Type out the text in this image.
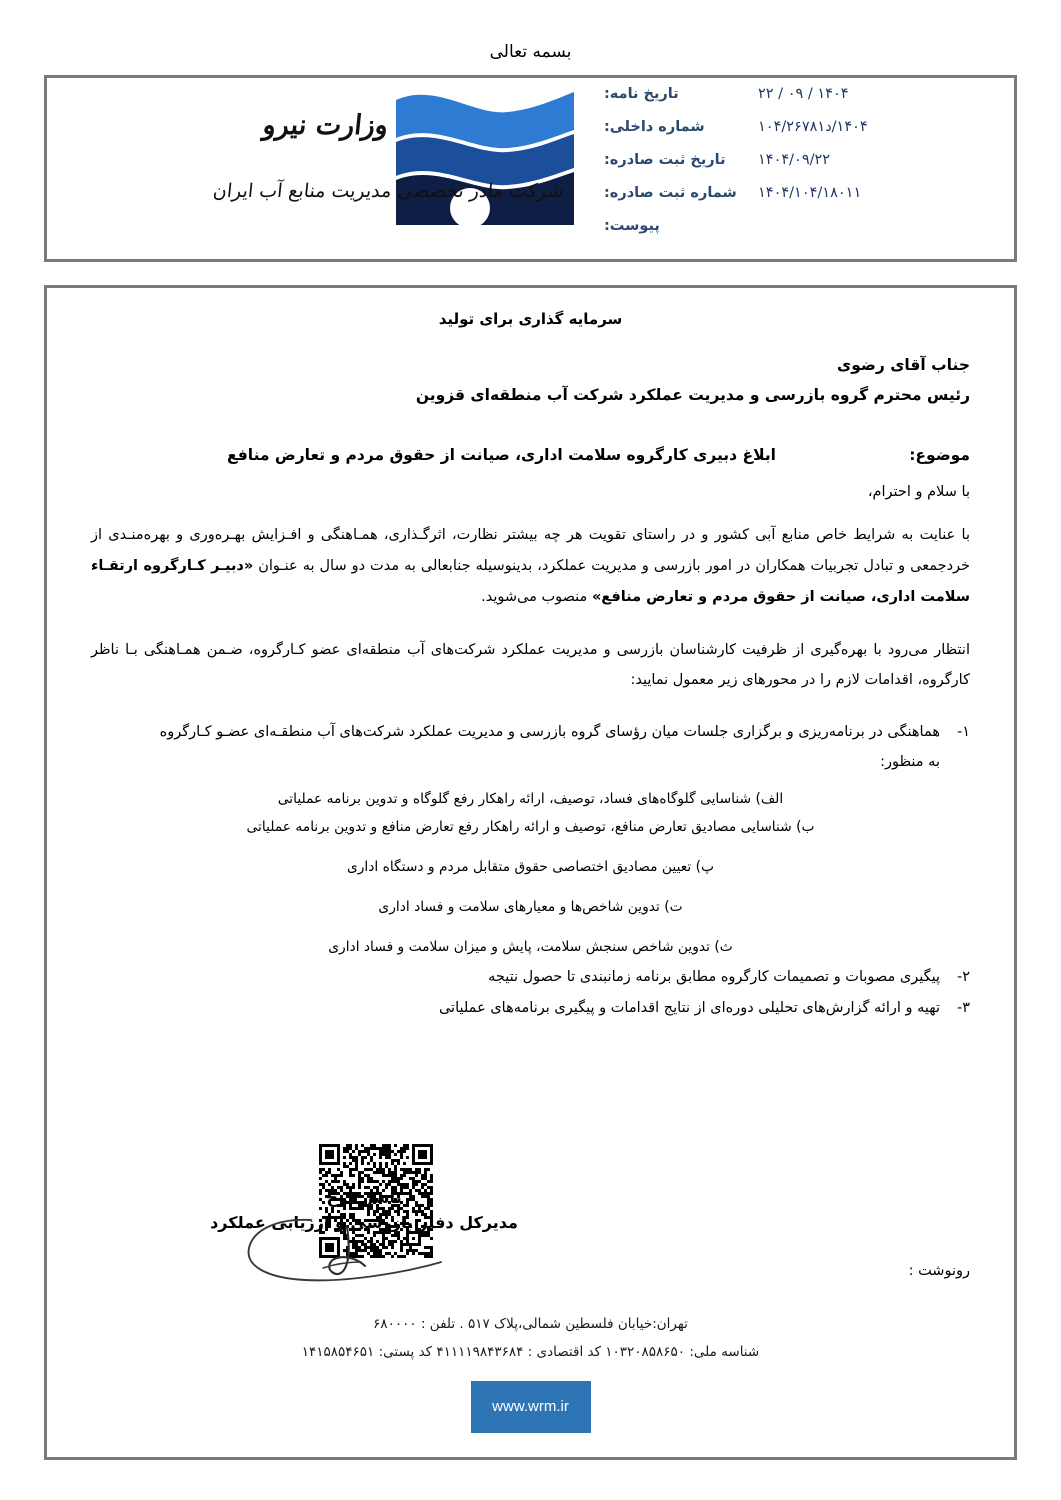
بسمه تعالی
۱۴۰۴ / ۰۹ / ۲۲
تاریخ نامه:
۱۴۰۴/د۱۰۴/۲۶۷۸۱
شماره داخلی:
۱۴۰۴/۰۹/۲۲
تاریخ ثبت صادره:
۱۴۰۴/۱۰۴/۱۸۰۱۱
شماره ثبت صادره:
پیوست:
وزارت نیرو
شرکت مادر تخصصی مدیریت منابع آب ایران
سرمایه گذاری برای تولید
جناب آقای رضوی
رئیس محترم گروه بازرسی و مدیریت عملکرد شرکت آب منطقه‌ای قزوین
موضوع:
ابلاغ دبیری کارگروه سلامت اداری، صیانت از حقوق مردم و تعارض منافع
با سلام و احترام،
با عنایت به شرایط خاص منابع آبی کشور و در راستای تقویت هر چه بیشتر نظارت، اثرگـذاری، همـاهنگی و افـزایش بهـره‌وری و بهره‌منـدی از خردجمعی و تبادل تجربیات همکاران در امور بازرسی و مدیریت عملکرد، بدینوسیله جنابعالی به مدت دو سال به عنـوان «دبیـر کـارگروه ارتقـاء سلامت اداری، صیانت از حقوق مردم و تعارض منافع» منصوب می‌شوید.
انتظار می‌رود با بهره‌گیری از ظرفیت کارشناسان بازرسی و مدیریت عملکرد شرکت‌های آب منطقه‌ای عضو کـارگروه، ضـمن همـاهنگی بـا ناظر کارگروه، اقدامات لازم را در محورهای زیر معمول نمایید:
۱-
هماهنگی در برنامه‌ریزی و برگزاری جلسات میان رؤسای گروه بازرسی و مدیریت عملکرد شرکت‌های آب منطقـه‌ای عضـو کـارگروه
به منظور:
الف) شناسایی گلوگاه‌های فساد، توصیف، ارائه راهکار رفع گلوگاه و تدوین برنامه عملیاتی
ب) شناسایی مصادیق تعارض منافع، توصیف و ارائه راهکار رفع تعارض منافع و تدوین برنامه عملیاتی
پ) تعیین مصادیق اختصاصی حقوق متقابل مردم و دستگاه اداری
ت) تدوین شاخص‌ها و معیارهای سلامت و فساد اداری
ث) تدوین شاخص سنجش سلامت، پایش و میزان سلامت و فساد اداری
۲-
پیگیری مصوبات و تصمیمات کارگروه مطابق برنامه زمانبندی تا حصول نتیجه
۳-
تهیه و ارائه گزارش‌های تحلیلی دوره‌ای از نتایج اقدامات و پیگیری برنامه‌های عملیاتی
یاسر فرخ
مدیرکل دفتر بازرسی و ارزیابی عملکرد
رونوشت :
تهران:خیابان فلسطین شمالی،پلاک ۵۱۷ . تلفن : ۶۸۰۰۰۰
شناسه ملی: ۱۰۳۲۰۸۵۸۶۵۰ کد اقتصادی : ۴۱۱۱۱۹۸۴۳۶۸۴ کد پستی: ۱۴۱۵۸۵۴۶۵۱
www.wrm.ir
